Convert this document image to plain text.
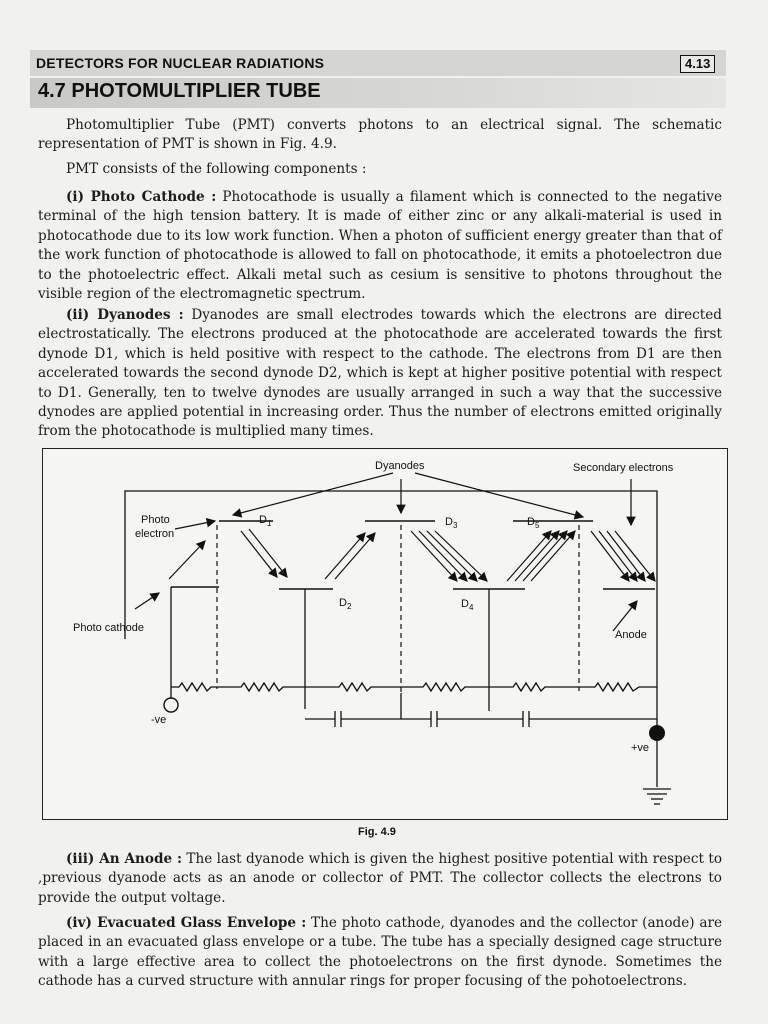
DETECTORS FOR NUCLEAR RADIATIONS	4.13
4.7 PHOTOMULTIPLIER TUBE

Photomultiplier Tube (PMT) converts photons to an electrical signal. The schematic representation of PMT is shown in Fig. 4.9.

PMT consists of the following components :

(i) Photo Cathode : Photocathode is usually a filament which is connected to the negative terminal of the high tension battery. It is made of either zinc or any alkali-material is used in photocathode due to its low work function. When a photon of sufficient energy greater than that of the work function of photocathode is allowed to fall on photocathode, it emits a photoelectron due to the photoelectric effect. Alkali metal such as cesium is sensitive to photons throughout the visible region of the electromagnetic spectrum.

(ii) Dyanodes : Dyanodes are small electrodes towards which the electrons are directed electrostatically. The electrons produced at the photocathode are accelerated towards the first dynode D1, which is held positive with respect to the cathode. The electrons from D1 are then accelerated towards the second dynode D2, which is kept at higher positive potential with respect to D1. Generally, ten to twelve dynodes are usually arranged in such a way that the successive dynodes are applied potential in increasing order. Thus the number of electrons emitted originally from the photocathode is multiplied many times.

Dyanodes	Secondary electrons
Photo
electron
Photo cathode
Anode
-ve
+ve
$D_1$
$D_2$
$D_3$
$D_4$
$D_5$
Fig. 4.9

(iii) An Anode : The last dyanode which is given the highest positive potential with respect to ,previous dyanode acts as an anode or collector of PMT. The collector collects the electrons to provide the output voltage.

(iv) Evacuated Glass Envelope : The photo cathode, dyanodes and the collector (anode) are placed in an evacuated glass envelope or a tube. The tube has a specially designed cage structure with a large effective area to collect the photoelectrons on the first dynode. Sometimes the cathode has a curved structure with annular rings for proper focusing of the pohotoelectrons.
